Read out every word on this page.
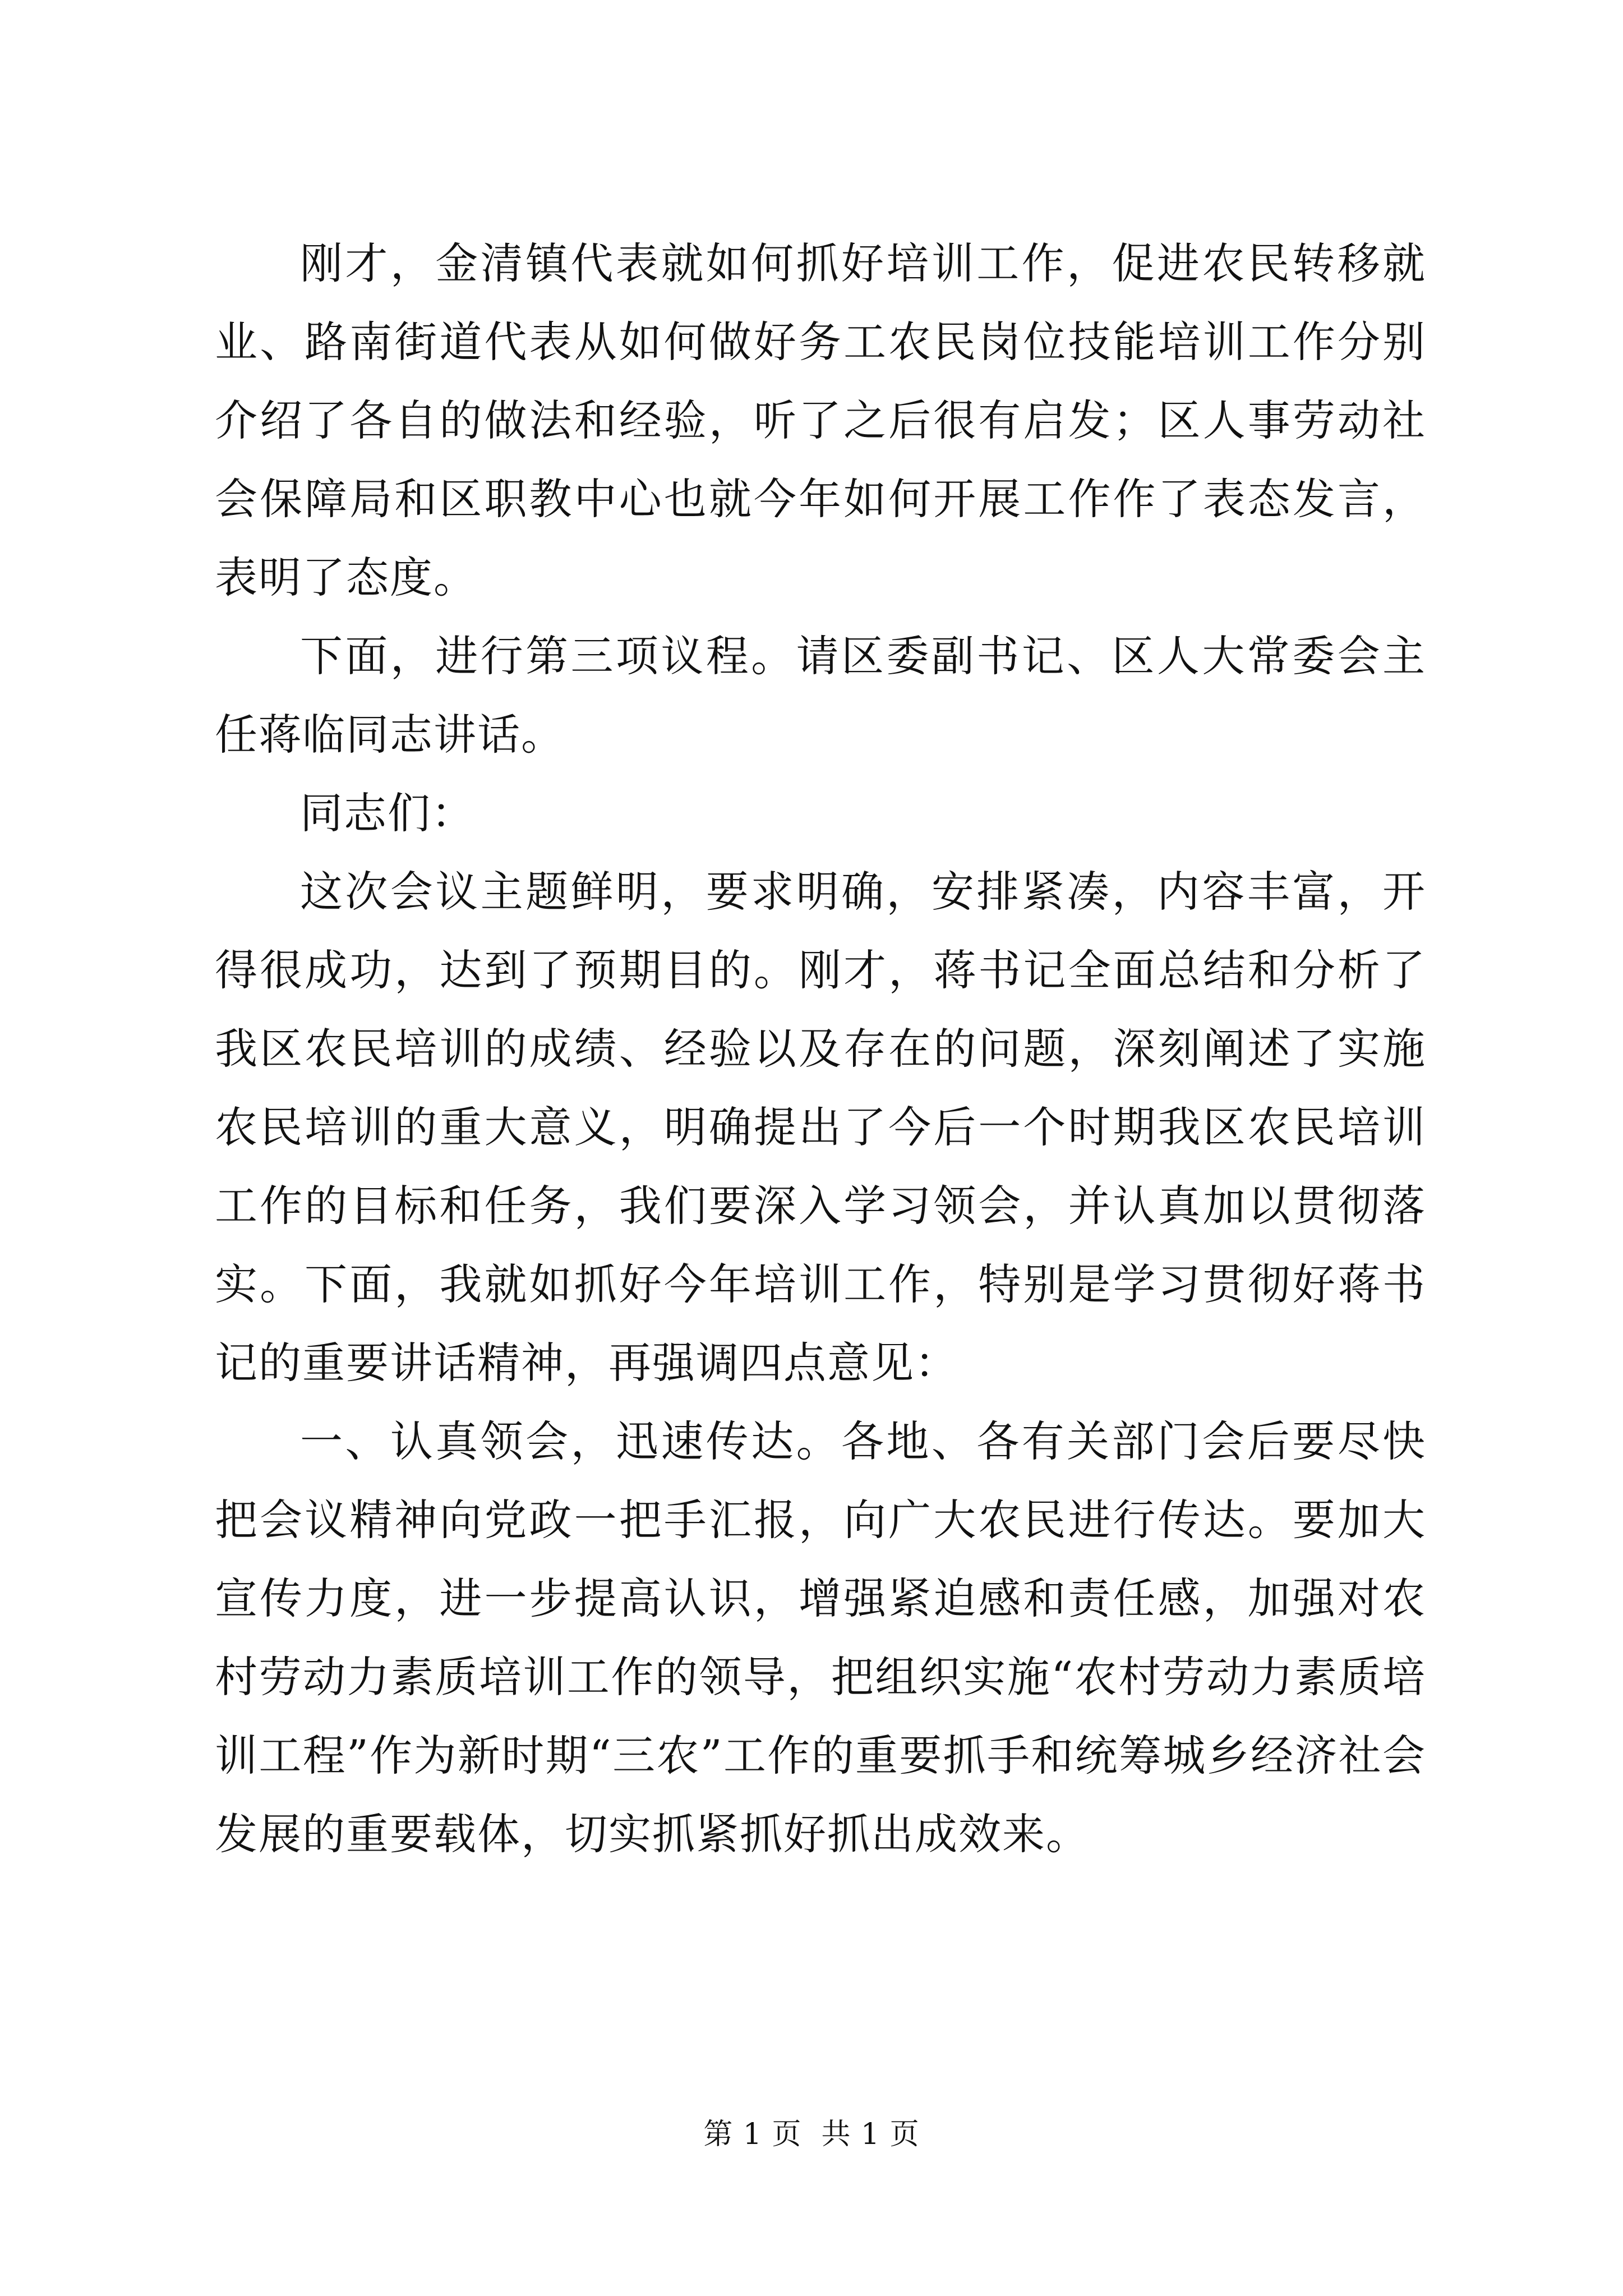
刚才，金清镇代表就如何抓好培训工作，促进农民转移就业、路南街道代表从如何做好务工农民岗位技能培训工作分别介绍了各自的做法和经验，听了之后很有启发；区人事劳动社会保障局和区职教中心也就今年如何开展工作作了表态发言，表明了态度。

下面，进行第三项议程。请区委副书记、区人大常委会主任蒋临同志讲话。

同志们：

这次会议主题鲜明，要求明确，安排紧凑，内容丰富，开得很成功，达到了预期目的。刚才，蒋书记全面总结和分析了我区农民培训的成绩、经验以及存在的问题，深刻阐述了实施农民培训的重大意义，明确提出了今后一个时期我区农民培训工作的目标和任务，我们要深入学习领会，并认真加以贯彻落实。下面，我就如抓好今年培训工作，特别是学习贯彻好蒋书记的重要讲话精神，再强调四点意见：

一、认真领会，迅速传达。各地、各有关部门会后要尽快把会议精神向党政一把手汇报，向广大农民进行传达。要加大宣传力度，进一步提高认识，增强紧迫感和责任感，加强对农村劳动力素质培训工作的领导，把组织实施“农村劳动力素质培训工程”作为新时期“三农”工作的重要抓手和统筹城乡经济社会发展的重要载体，切实抓紧抓好抓出成效来。

第 1 页  共 1 页
